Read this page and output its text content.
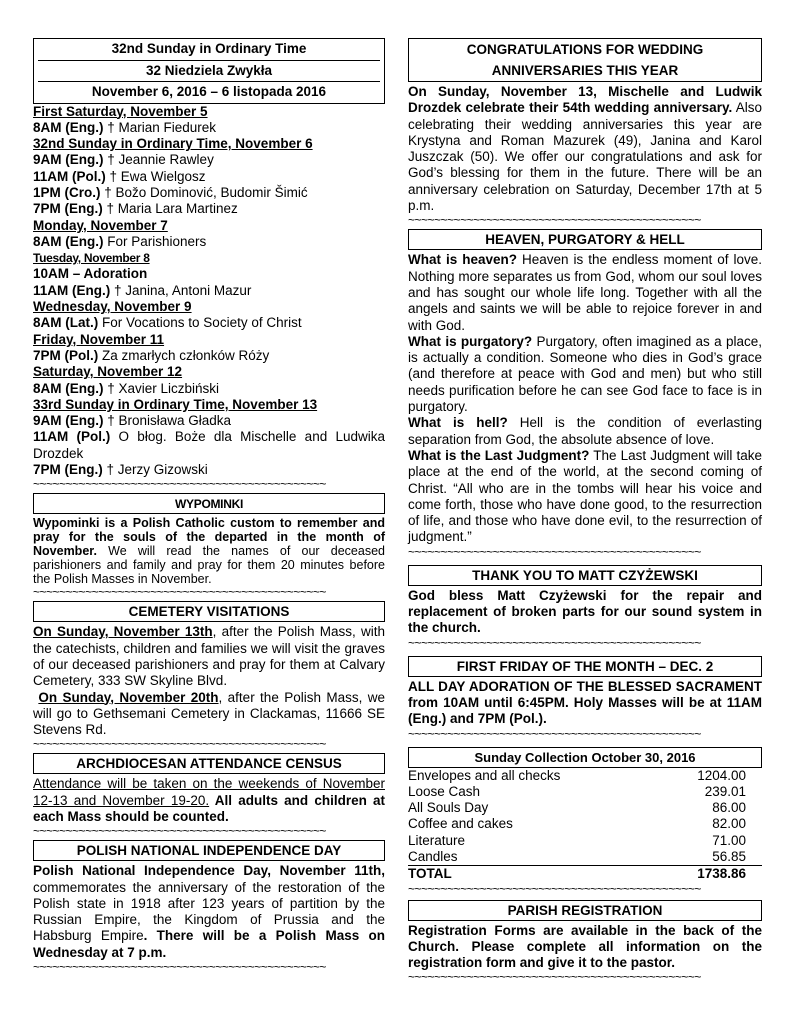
32nd Sunday in Ordinary Time
32 Niedziela Zwykła
November 6, 2016 – 6 listopada 2016
First Saturday, November 5
8AM (Eng.) † Marian Fiedurek
32nd Sunday in Ordinary Time, November 6
9AM (Eng.) † Jeannie Rawley
11AM (Pol.) † Ewa Wielgosz
1PM (Cro.) † Božo Dominović, Budomir Šimić
7PM (Eng.) † Maria Lara Martinez
Monday, November 7
8AM (Eng.) For Parishioners
Tuesday, November 8
10AM – Adoration
11AM (Eng.) † Janina, Antoni Mazur
Wednesday, November 9
8AM (Lat.) For Vocations to Society of Christ
Friday, November 11
7PM (Pol.) Za zmarłych członków Róży
Saturday, November 12
8AM (Eng.) † Xavier Liczbiński
33rd Sunday in Ordinary Time, November 13
9AM (Eng.) † Bronisława Gładka
11AM (Pol.) O błog. Boże dla Mischelle and Ludwika Drozdek
7PM (Eng.) † Jerzy Gizowski
~~~~~~~~~~~~~~~~~~~~~~~~~~~~~~~~~~~~~~~~~~~~~
WYPOMINKI
Wypominki is a Polish Catholic custom to remember and pray for the souls of the departed in the month of November. We will read the names of our deceased parishioners and family and pray for them 20 minutes before the Polish Masses in November.
~~~~~~~~~~~~~~~~~~~~~~~~~~~~~~~~~~~~~~~~~~~~~
CEMETERY VISITATIONS
On Sunday, November 13th, after the Polish Mass, with the catechists, children and families we will visit the graves of our deceased parishioners and pray for them at Calvary Cemetery, 333 SW Skyline Blvd.
On Sunday, November 20th, after the Polish Mass, we will go to Gethsemani Cemetery in Clackamas, 11666 SE Stevens Rd.
~~~~~~~~~~~~~~~~~~~~~~~~~~~~~~~~~~~~~~~~~~~~~
ARCHDIOCESAN ATTENDANCE CENSUS
Attendance will be taken on the weekends of November 12-13 and November 19-20. All adults and children at each Mass should be counted.
~~~~~~~~~~~~~~~~~~~~~~~~~~~~~~~~~~~~~~~~~~~~~
POLISH NATIONAL INDEPENDENCE DAY
Polish National Independence Day, November 11th, commemorates the anniversary of the restoration of the Polish state in 1918 after 123 years of partition by the Russian Empire, the Kingdom of Prussia and the Habsburg Empire. There will be a Polish Mass on Wednesday at 7 p.m.
~~~~~~~~~~~~~~~~~~~~~~~~~~~~~~~~~~~~~~~~~~~~~
CONGRATULATIONS FOR WEDDING
ANNIVERSARIES THIS YEAR
On Sunday, November 13, Mischelle and Ludwik Drozdek celebrate their 54th wedding anniversary. Also celebrating their wedding anniversaries this year are Krystyna and Roman Mazurek (49), Janina and Karol Juszczak (50). We offer our congratulations and ask for God’s blessing for them in the future. There will be an anniversary celebration on Saturday, December 17th at 5 p.m.
~~~~~~~~~~~~~~~~~~~~~~~~~~~~~~~~~~~~~~~~~~~~~
HEAVEN, PURGATORY & HELL
What is heaven? Heaven is the endless moment of love. Nothing more separates us from God, whom our soul loves and has sought our whole life long. Together with all the angels and saints we will be able to rejoice forever in and with God.
What is purgatory? Purgatory, often imagined as a place, is actually a condition. Someone who dies in God’s grace (and therefore at peace with God and men) but who still needs purification before he can see God face to face is in purgatory.
What is hell? Hell is the condition of everlasting separation from God, the absolute absence of love.
What is the Last Judgment? The Last Judgment will take place at the end of the world, at the second coming of Christ. “All who are in the tombs will hear his voice and come forth, those who have done good, to the resurrection of life, and those who have done evil, to the resurrection of judgment.”
~~~~~~~~~~~~~~~~~~~~~~~~~~~~~~~~~~~~~~~~~~~~~
THANK YOU TO MATT CZYŻEWSKI
God bless Matt Czyżewski for the repair and replacement of broken parts for our sound system in the church.
~~~~~~~~~~~~~~~~~~~~~~~~~~~~~~~~~~~~~~~~~~~~~
FIRST FRIDAY OF THE MONTH – DEC. 2
ALL DAY ADORATION OF THE BLESSED SACRAMENT from 10AM until 6:45PM. Holy Masses will be at 11AM (Eng.) and 7PM (Pol.).
~~~~~~~~~~~~~~~~~~~~~~~~~~~~~~~~~~~~~~~~~~~~~
Sunday Collection October 30, 2016
Envelopes and all checks	1204.00
Loose Cash	239.01
All Souls Day	86.00
Coffee and cakes	82.00
Literature	71.00
Candles	56.85
TOTAL	1738.86
~~~~~~~~~~~~~~~~~~~~~~~~~~~~~~~~~~~~~~~~~~~~~
PARISH REGISTRATION
Registration Forms are available in the back of the Church. Please complete all information on the registration form and give it to the pastor.
~~~~~~~~~~~~~~~~~~~~~~~~~~~~~~~~~~~~~~~~~~~~~
